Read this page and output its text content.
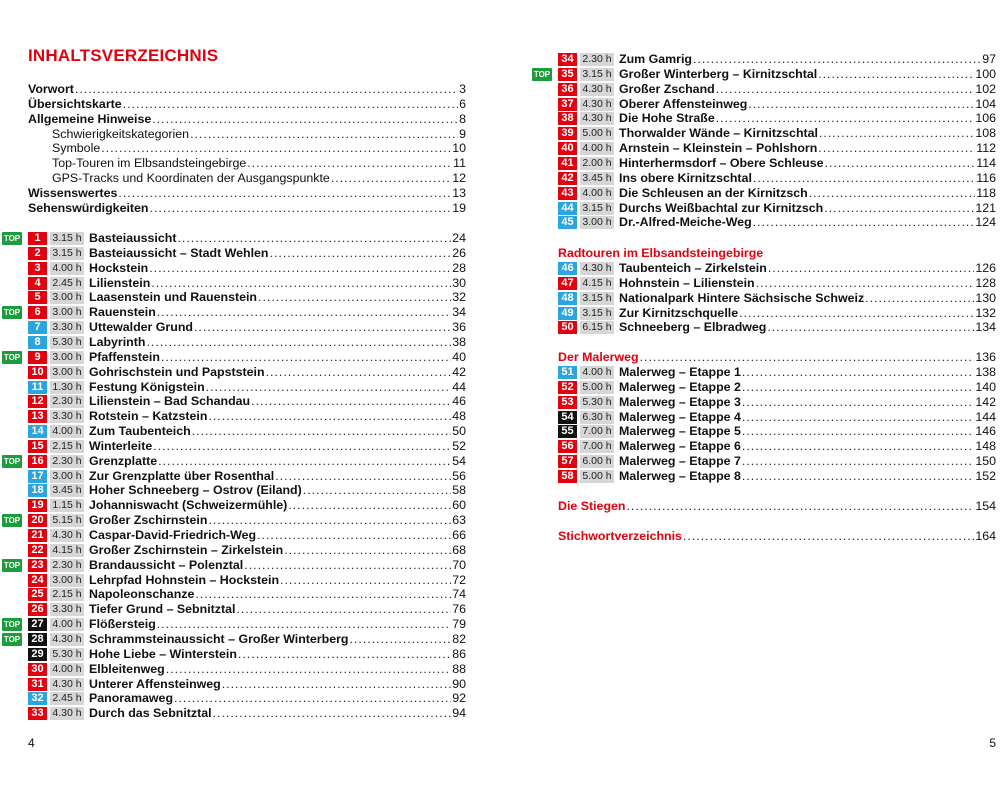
INHALTSVERZEICHNIS
Vorwort .....	3
Übersichtskarte .....	6
Allgemeine Hinweise .....	8
Schwierigkeitskategorien .....	9
Symbole .....	10
Top-Touren im Elbsandsteingebirge .....	11
GPS-Tracks und Koordinaten der Ausgangspunkte .....	12
Wissenswertes .....	13
Sehenswürdigkeiten .....	19
TOP	1	3.15 h Basteiaussicht .....	24
2	3.15 h Basteiaussicht – Stadt Wehlen .....	26
3	4.00 h Hockstein .....	28
4	2.45 h Lilienstein .....	30
5	3.00 h Laasenstein und Rauenstein .....	32
TOP	6	3.00 h Rauenstein .....	34
7	3.30 h Uttewalder Grund .....	36
8	5.30 h Labyrinth .....	38
TOP	9	3.00 h Pfaffenstein .....	40
10 3.00 h Gohrischstein und Papststein .....	42
11 1.30 h Festung Königstein .....	44
12 2.30 h Lilienstein – Bad Schandau .....	46
13 3.30 h Rotstein – Katzstein .....	48
14 4.00 h Zum Taubenteich .....	50
15 2.15 h Winterleite .....	52
TOP	16 2.30 h Grenzplatte .....	54
17 3.00 h Zur Grenzplatte über Rosenthal .....	56
18 3.45 h Hoher Schneeberg – Ostrov (Eiland) .....	58
19 1.15 h Johanniswacht (Schweizermühle) .....	60
TOP	20 5.15 h Großer Zschirnstein .....	63
21 4.30 h Caspar-David-Friedrich-Weg .....	66
22 4.15 h Großer Zschirnstein – Zirkelstein .....	68
TOP	23 2.30 h Brandaussicht – Polenztal .....	70
24 3.00 h Lehrpfad Hohnstein – Hockstein .....	72
25 2.15 h Napoleonschanze .....	74
26 3.30 h Tiefer Grund – Sebnitztal .....	76
TOP	27 4.00 h Flößersteig .....	79
TOP	28 4.30 h Schrammsteinaussicht – Großer Winterberg .....	82
29 5.30 h Hohe Liebe – Winterstein .....	86
30 4.00 h Elbleitenweg .....	88
31 4.30 h Unterer Affensteinweg .....	90
32 2.45 h Panoramaweg .....	92
33 4.30 h Durch das Sebnitztal .....	94
4
34 2.30 h Zum Gamrig .....	97
TOP	35 3.15 h Großer Winterberg – Kirnitzschtal .....	100
36 4.30 h Großer Zschand .....	102
37 4.30 h Oberer Affensteinweg .....	104
38 4.30 h Die Hohe Straße .....	106
39 5.00 h Thorwalder Wände – Kirnitzschtal .....	108
40 4.00 h Arnstein – Kleinstein – Pohlshorn .....	112
41 2.00 h Hinterhermsdorf – Obere Schleuse .....	114
42 3.45 h Ins obere Kirnitzschtal .....	116
43 4.00 h Die Schleusen an der Kirnitzsch .....	118
44 3.15 h Durchs Weißbachtal zur Kirnitzsch .....	121
45 3.00 h Dr.-Alfred-Meiche-Weg .....	124
Radtouren im Elbsandsteingebirge
46 4.30 h Taubenteich – Zirkelstein .....	126
47 4.15 h Hohnstein – Lilienstein .....	128
48 3.15 h Nationalpark Hintere Sächsische Schweiz .....	130
49 3.15 h Zur Kirnitzschquelle .....	132
50 6.15 h Schneeberg – Elbradweg .....	134
Der Malerweg .....	136
51 4.00 h Malerweg – Etappe 1 .....	138
52 5.00 h Malerweg – Etappe 2 .....	140
53 5.30 h Malerweg – Etappe 3 .....	142
54 6.30 h Malerweg – Etappe 4 .....	144
55 7.00 h Malerweg – Etappe 5 .....	146
56 7.00 h Malerweg – Etappe 6 .....	148
57 6.00 h Malerweg – Etappe 7 .....	150
58 5.00 h Malerweg – Etappe 8 .....	152
Die Stiegen .....	154
Stichwortverzeichnis .....	164
5
